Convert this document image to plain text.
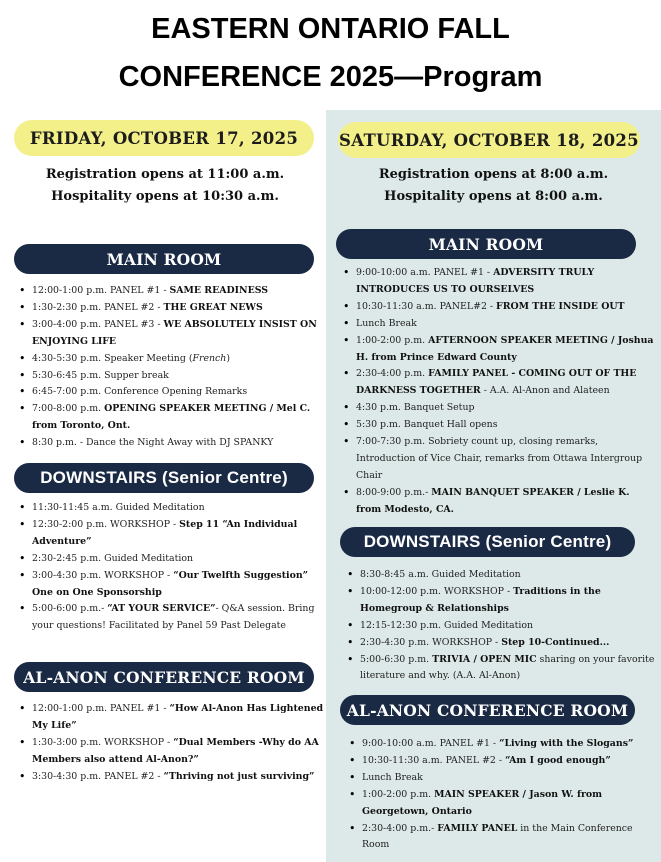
EASTERN ONTARIO FALL
CONFERENCE 2025—Program
FRIDAY, OCTOBER 17, 2025
Registration opens at 11:00 a.m.
Hospitality opens at 10:30 a.m.
MAIN ROOM
• 12:00-1:00 p.m. PANEL #1 - SAME READINESS
• 1:30-2:30 p.m. PANEL #2 - THE GREAT NEWS
• 3:00-4:00 p.m. PANEL #3 - WE ABSOLUTELY INSIST ON ENJOYING LIFE
• 4:30-5:30 p.m. Speaker Meeting (French)
• 5:30-6:45 p.m. Supper break
• 6:45-7:00 p.m. Conference Opening Remarks
• 7:00-8:00 p.m. OPENING SPEAKER MEETING / Mel C. from Toronto, Ont.
• 8:30 p.m. - Dance the Night Away with DJ SPANKY
DOWNSTAIRS (Senior Centre)
• 11:30-11:45 a.m. Guided Meditation
• 12:30-2:00 p.m. WORKSHOP - Step 11 “An Individual Adventure”
• 2:30-2:45 p.m. Guided Meditation
• 3:00-4:30 p.m. WORKSHOP - “Our Twelfth Suggestion” One on One Sponsorship
• 5:00-6:00 p.m.- “AT YOUR SERVICE”- Q&A session. Bring your questions! Facilitated by Panel 59 Past Delegate
AL-ANON CONFERENCE ROOM
• 12:00-1:00 p.m. PANEL #1 - “How Al-Anon Has Lightened My Life”
• 1:30-3:00 p.m. WORKSHOP - “Dual Members -Why do AA Members also attend Al-Anon?”
• 3:30-4:30 p.m. PANEL #2 - “Thriving not just surviving”
SATURDAY, OCTOBER 18, 2025
Registration opens at 8:00 a.m.
Hospitality opens at 8:00 a.m.
MAIN ROOM
• 9:00-10:00 a.m. PANEL #1 - ADVERSITY TRULY INTRODUCES US TO OURSELVES
• 10:30-11:30 a.m. PANEL#2 - FROM THE INSIDE OUT
• Lunch Break
• 1:00-2:00 p.m. AFTERNOON SPEAKER MEETING / Joshua H. from Prince Edward County
• 2:30-4:00 p.m. FAMILY PANEL - COMING OUT OF THE DARKNESS TOGETHER - A.A. Al-Anon and Alateen
• 4:30 p.m. Banquet Setup
• 5:30 p.m. Banquet Hall opens
• 7:00-7:30 p.m. Sobriety count up, closing remarks, Introduction of Vice Chair, remarks from Ottawa Intergroup Chair
• 8:00-9:00 p.m.- MAIN BANQUET SPEAKER / Leslie K. from Modesto, CA.
DOWNSTAIRS (Senior Centre)
• 8:30-8:45 a.m. Guided Meditation
• 10:00-12:00 p.m. WORKSHOP - Traditions in the Homegroup & Relationships
• 12:15-12:30 p.m. Guided Meditation
• 2:30-4:30 p.m. WORKSHOP - Step 10-Continued...
• 5:00-6:30 p.m. TRIVIA / OPEN MIC sharing on your favorite literature and why. (A.A. Al-Anon)
AL-ANON CONFERENCE ROOM
• 9:00-10:00 a.m. PANEL #1 - “Living with the Slogans”
• 10:30-11:30 a.m. PANEL #2 - “Am I good enough”
• Lunch Break
• 1:00-2:00 p.m. MAIN SPEAKER / Jason W. from Georgetown, Ontario
• 2:30-4:00 p.m.- FAMILY PANEL in the Main Conference Room
